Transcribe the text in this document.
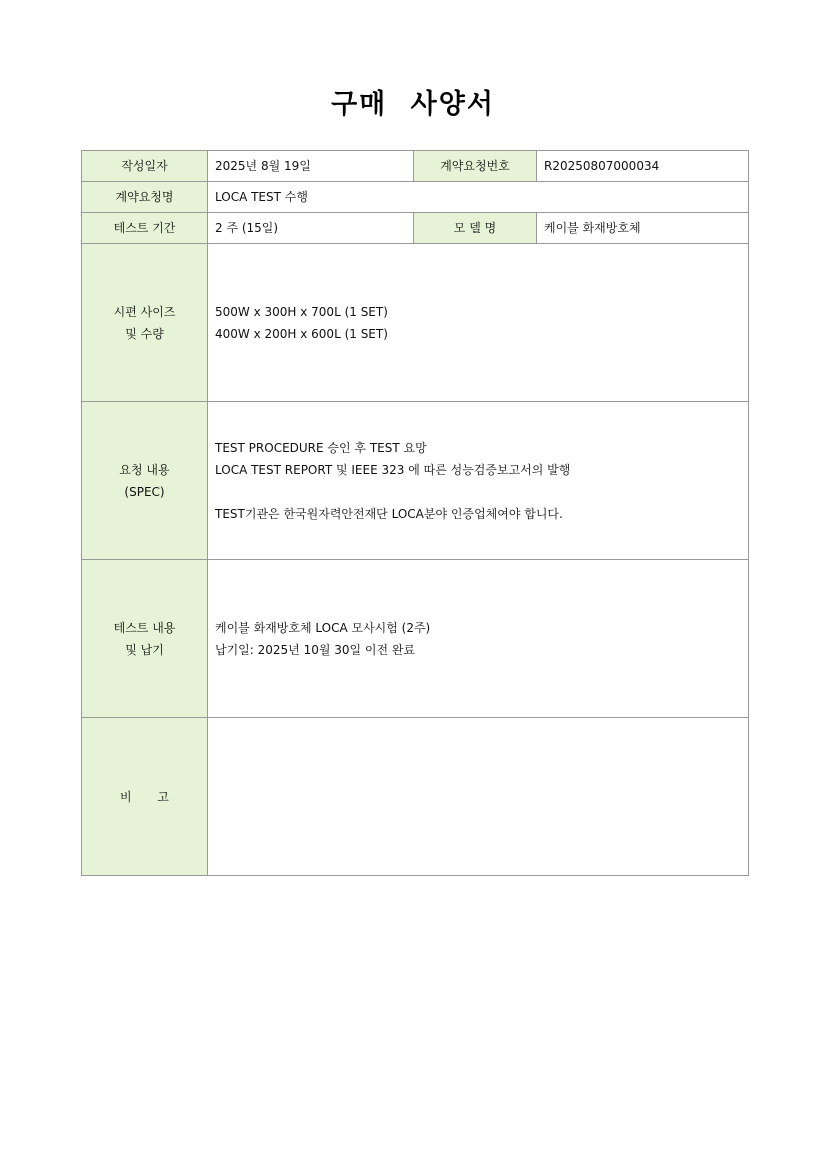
구매 사양서
작성일자	2025년 8월 19일	계약요청번호	R20250807000034
계약요청명	LOCA TEST 수행		
테스트 기간	2 주 (15일)	모 델 명	케이블 화재방호체

시편 사이즈
및 수량	500W x 300H x 700L (1 SET)
400W x 200H x 600L (1 SET)		

요청 내용
(SPEC)	TEST PROCEDURE 승인 후 TEST 요망
LOCA TEST REPORT 및 IEEE 323 에 따른 성능검증보고서의 발행
TEST기관은 한국원자력안전재단 LOCA분야 인증업체여야 합니다.		

테스트 내용
및 납기	케이블 화재방호체 LOCA 모사시험 (2주)
납기일: 2025년 10월 30일 이전 완료		

비 고			
